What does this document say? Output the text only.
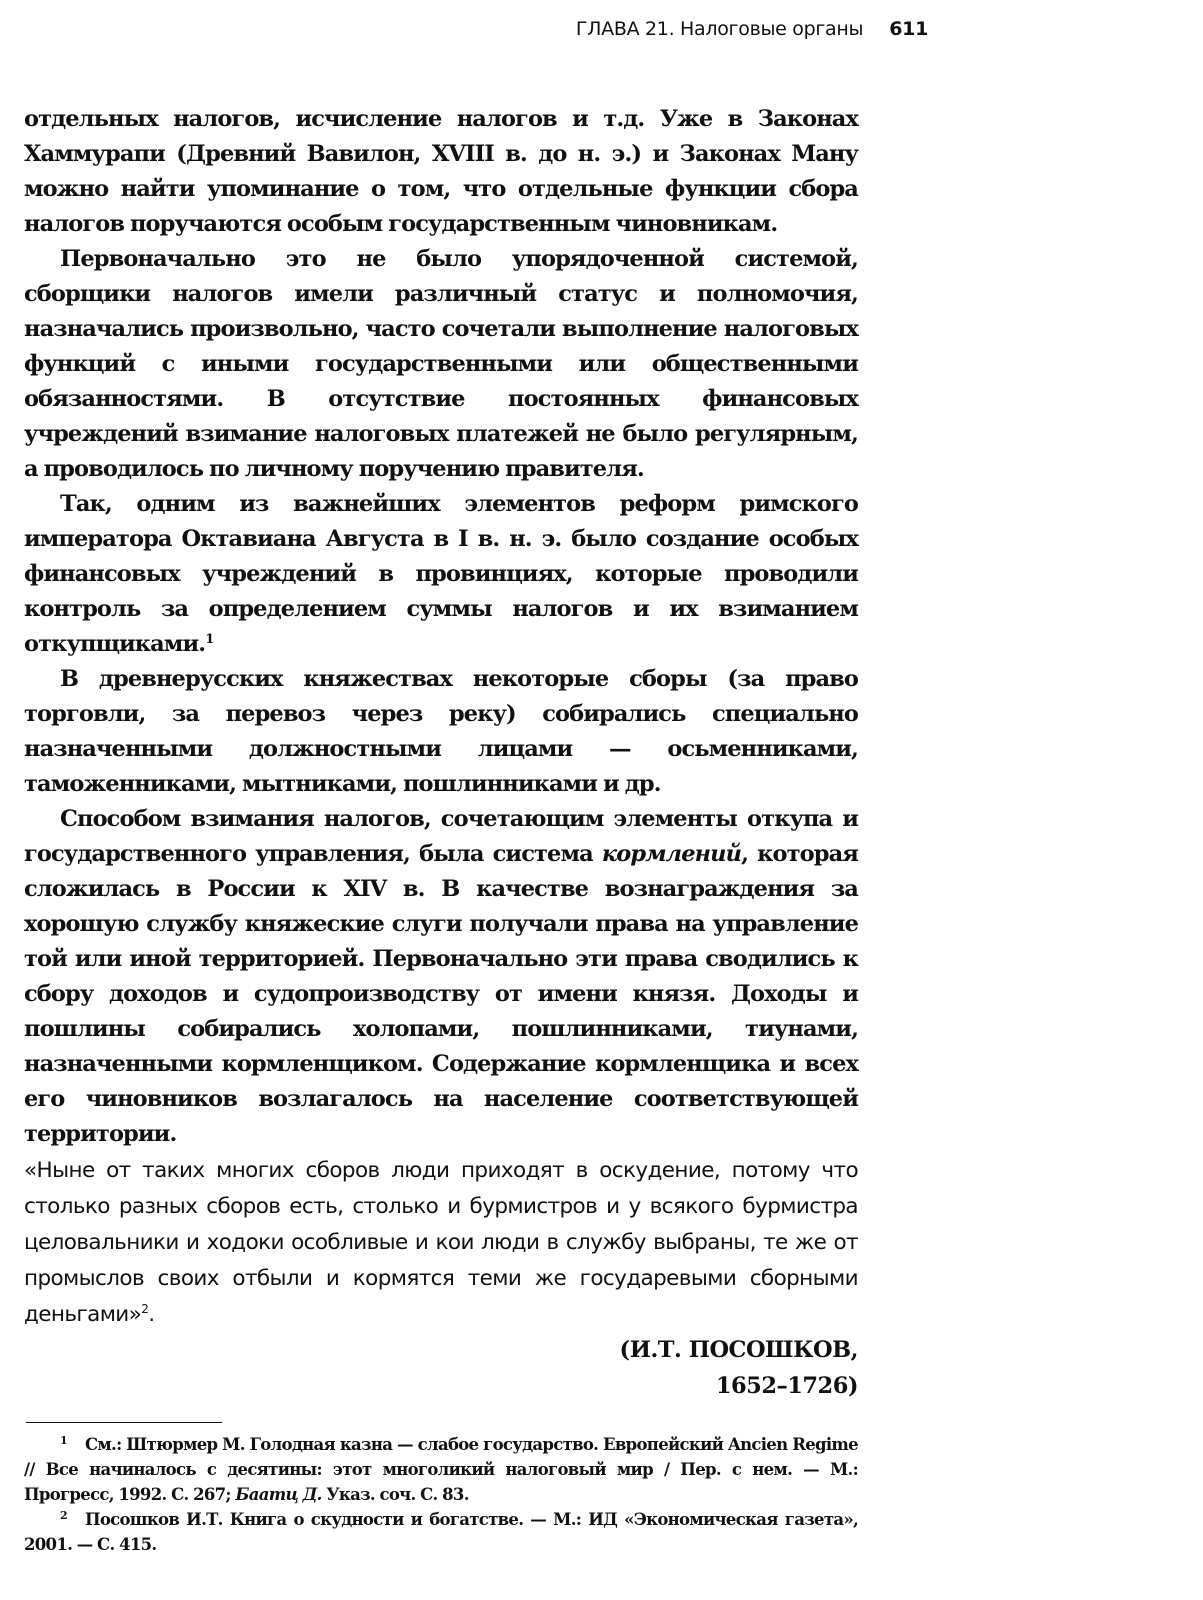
ГЛАВА 21. Налоговые органы 611

отдельных налогов, исчисление налогов и т.д. Уже в Законах Хаммурапи (Древний Вавилон, XVIII в. до н. э.) и Законах Ману можно найти упоминание о том, что отдельные функции сбора налогов поручаются особым государственным чиновникам.

Первоначально это не было упорядоченной системой, сборщики налогов имели различный статус и полномочия, назначались произвольно, часто сочетали выполнение налоговых функций с иными государственными или общественными обязанностями. В отсутствие постоянных финансовых учреждений взимание налоговых платежей не было регулярным, а проводилось по личному поручению правителя.

Так, одним из важнейших элементов реформ римского императора Октавиана Августа в I в. н. э. было создание особых финансовых учреждений в провинциях, которые проводили контроль за определением суммы налогов и их взиманием откупщиками.$^1$

В древнерусских княжествах некоторые сборы (за право торговли, за перевоз через реку) собирались специально назначенными должностными лицами — осьменниками, таможенниками, мытниками, пошлинниками и др.

Способом взимания налогов, сочетающим элементы откупа и государственного управления, была система кормлений, которая сложилась в России к XIV в. В качестве вознаграждения за хорошую службу княжеские слуги получали права на управление той или иной территорией. Первоначально эти права сводились к сбору доходов и судопроизводству от имени князя. Доходы и пошлины собирались холопами, пошлинниками, тиунами, назначенными кормленщиком. Содержание кормленщика и всех его чиновников возлагалось на население соответствующей территории.

«Ныне от таких многих сборов люди приходят в оскудение, потому что столько разных сборов есть, столько и бурмистров и у всякого бурмистра целовальники и ходоки особливые и кои люди в службу выбраны, те же от промыслов своих отбыли и кормятся теми же государевыми сборными деньгами»$^2$.
(И.Т. ПОСОШКОВ,
1652–1726)

$^1$ См.: Штюрмер М. Голодная казна — слабое государство. Европейский Ancien Regime // Все начиналось с десятины: этот многоликий налоговый мир / Пер. с нем. — М.: Прогресс, 1992. С. 267; Баатц Д. Указ. соч. С. 83.

$^2$ Посошков И.Т. Книга о скудности и богатстве. — М.: ИД «Экономическая газета», 2001. — С. 415.
